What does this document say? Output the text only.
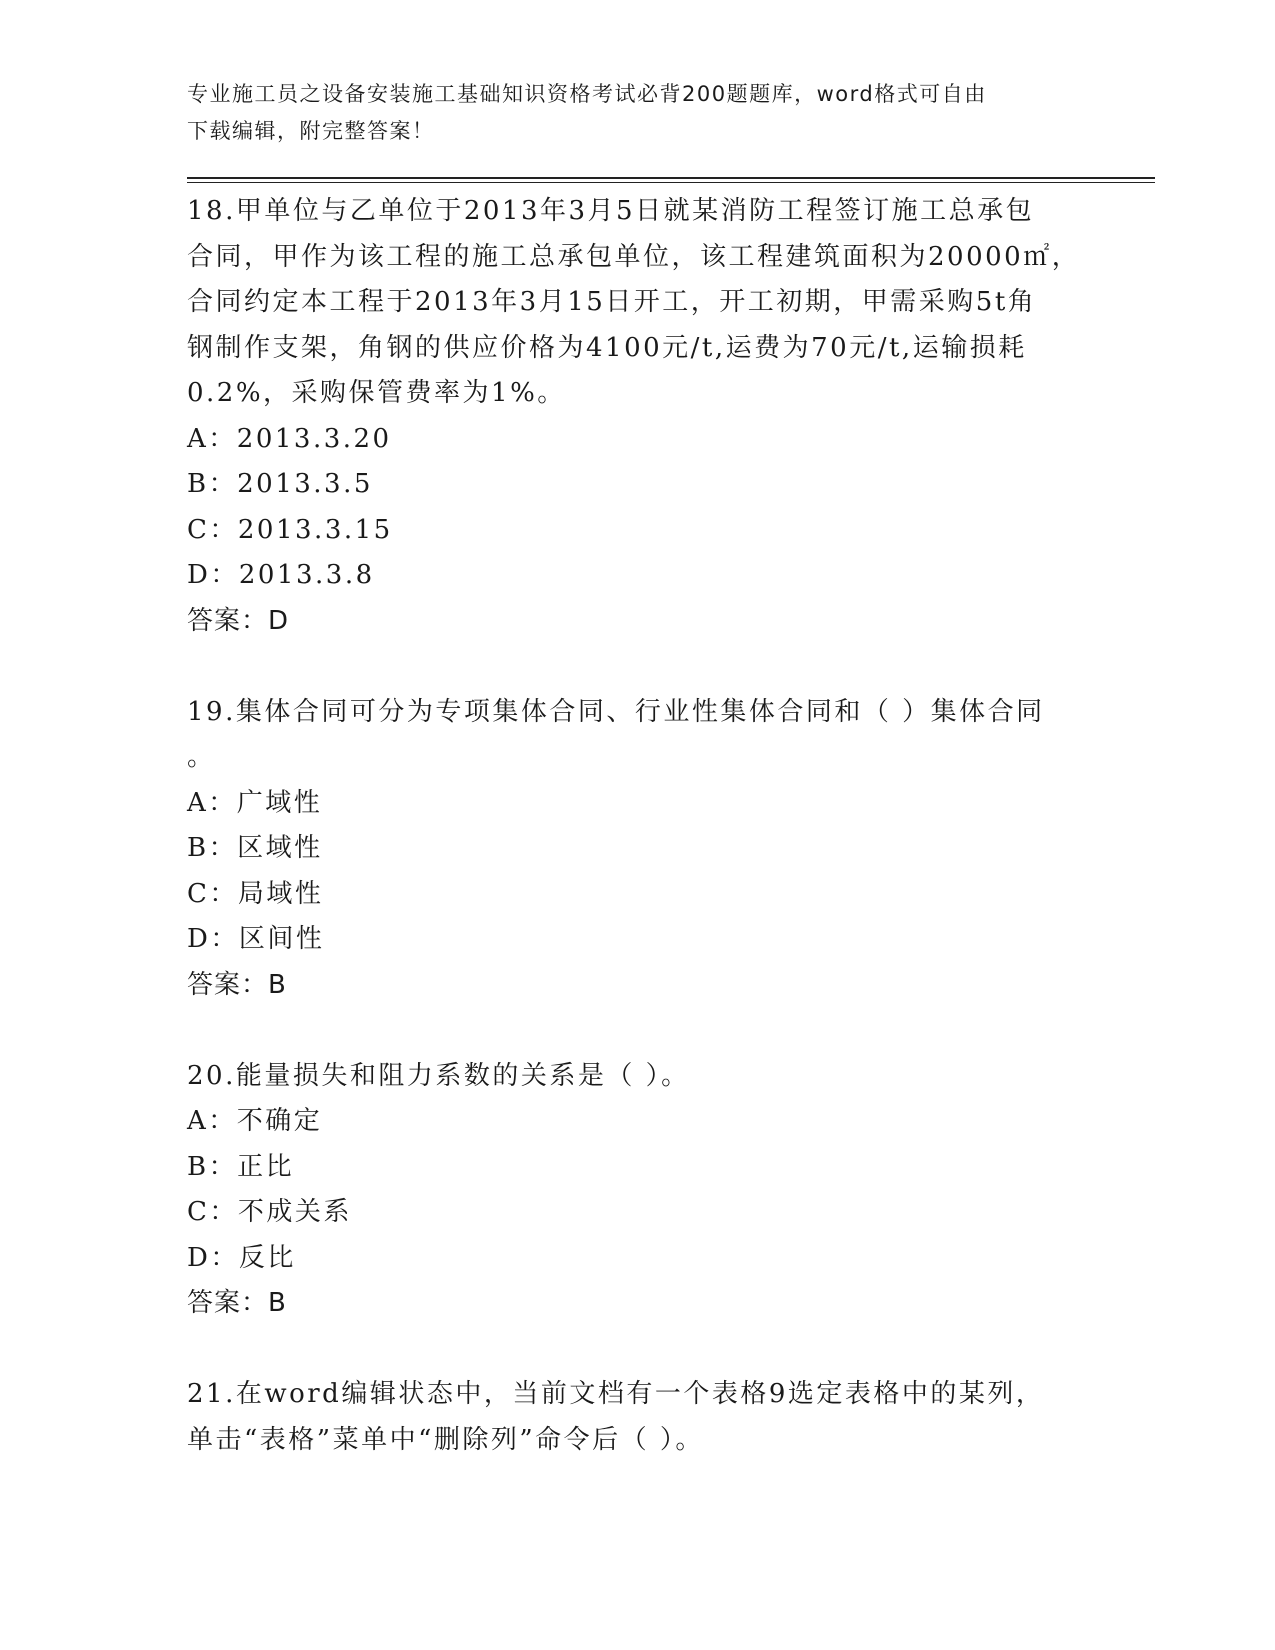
专业施工员之设备安装施工基础知识资格考试必背200题题库，word格式可自由
下载编辑，附完整答案！

18.甲单位与乙单位于2013年3月5日就某消防工程签订施工总承包
合同，甲作为该工程的施工总承包单位，该工程建筑面积为20000㎡，
合同约定本工程于2013年3月15日开工，开工初期，甲需采购5t角
钢制作支架，角钢的供应价格为4100元/t,运费为70元/t,运输损耗
0.2%，采购保管费率为1%。

A：2013.3.20

B：2013.3.5

C：2013.3.15

D：2013.3.8

答案：D

19.集体合同可分为专项集体合同、行业性集体合同和（ ）集体合同
。

A：广域性

B：区域性

C：局域性

D：区间性

答案：B

20.能量损失和阻力系数的关系是（ ）。

A：不确定

B：正比

C：不成关系

D：反比

答案：B

21.在word编辑状态中，当前文档有一个表格9选定表格中的某列，
单击“表格”菜单中“删除列”命令后（ ）。
